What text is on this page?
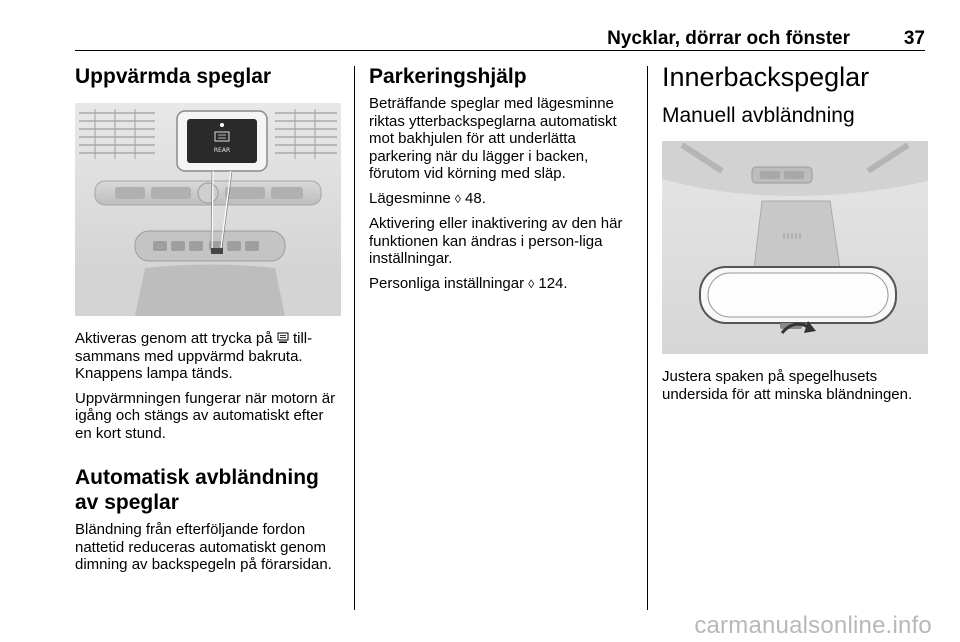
Nycklar, dörrar och fönster	37
Uppvärmda speglar
REAR

Aktiveras genom att trycka på till-sammans med uppvärmd bakruta. Knappens lampa tänds.

Uppvärmningen fungerar när motorn är igång och stängs av automatiskt efter en kort stund.

Automatisk avbländning av speglar

Bländning från efterföljande fordon nattetid reduceras automatiskt genom dimning av backspegeln på förarsidan.

Parkeringshjälp

Beträffande speglar med lägesminne riktas ytterbackspeglarna automatiskt mot bakhjulen för att underlätta parkering när du lägger i backen, förutom vid körning med släp.

Lägesminne ◊ 48.

Aktivering eller inaktivering av den här funktionen kan ändras i person-liga inställningar.

Personliga inställningar ◊ 124.

Innerbackspeglar
Manuell avbländning

Justera spaken på spegelhusets undersida för att minska bländningen.

carmanualsonline.info
